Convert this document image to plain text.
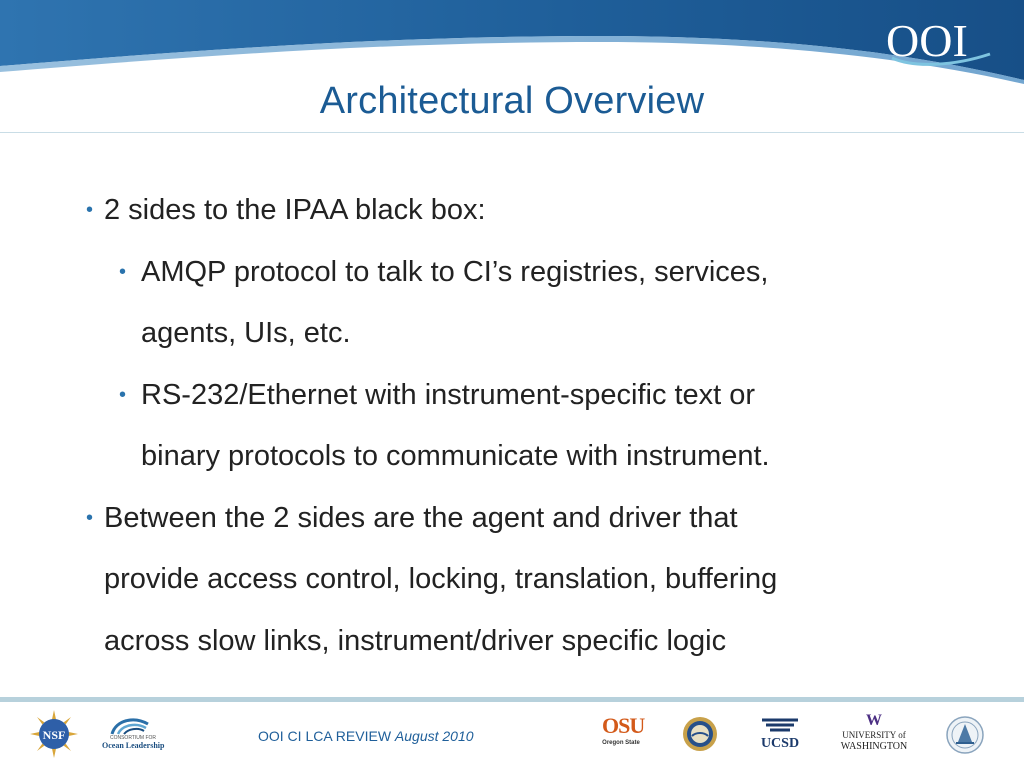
OOI
Architectural Overview
• 2 sides to the IPAA black box:
• AMQP protocol to talk to CI’s registries, services,
agents, UIs, etc.
• RS-232/Ethernet with instrument-specific text or
binary protocols to communicate with instrument.
• Between the 2 sides are the agent and driver that
provide access control, locking, translation, buffering
across slow links, instrument/driver specific logic
NSF	CONSORTIUM FOR
Ocean Leadership
OOI CI LCA REVIEW August 2010	OSU
Oregon State	UCSD
W
UNIVERSITY of
WASHINGTON
